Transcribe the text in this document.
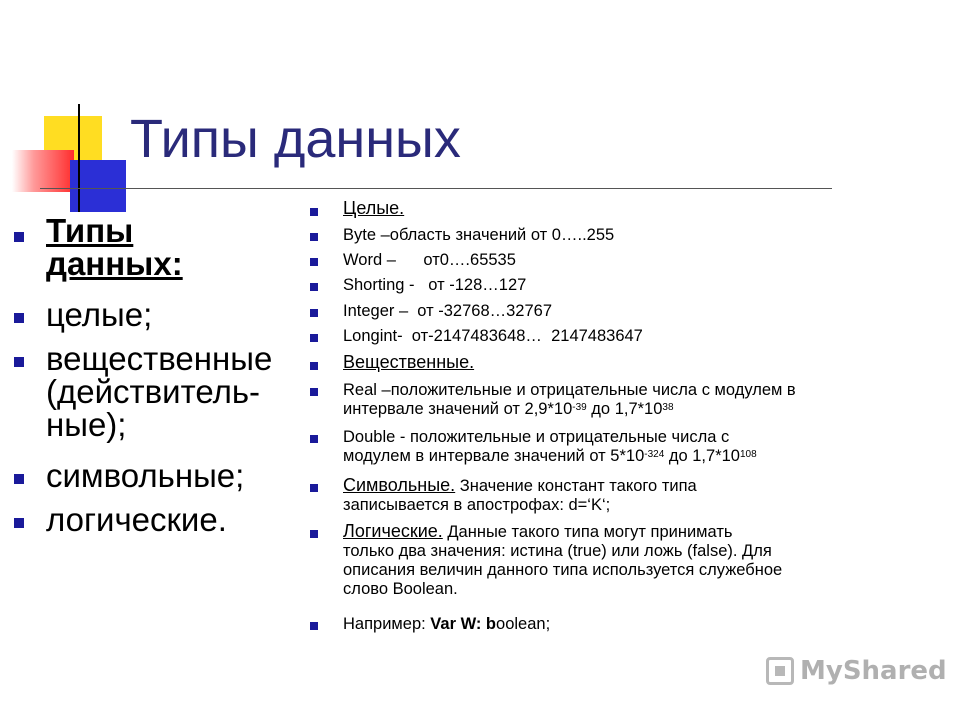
Типы данных
Типы
данных:
целые;
вещественные
(действитель-
ные);
символьные;
логические.
Целые.
Byte –область значений от 0…..255
Word –      от0….65535
Shorting -   от -128…127
Integer –  от -32768…32767
Longint-  от-2147483648…  2147483647
Вещественные.
Real –положительные и отрицательные числа с модулем в
интервале значений от $2,9*10^{-39}$ до $1,7*10^{38}$
Double - положительные и отрицательные числа с
модулем в интервале значений от $5*10^{-324}$ до $1,7*10^{108}$
Символьные. Значение констант такого типа
записывается в апострофах: d=‘K‘;
Логические. Данные такого типа могут принимать
только два значения: истина (true) или ложь (false). Для
описания величин данного типа используется служебное
слово Boolean.
Например: Var W: boolean;
MyShared
